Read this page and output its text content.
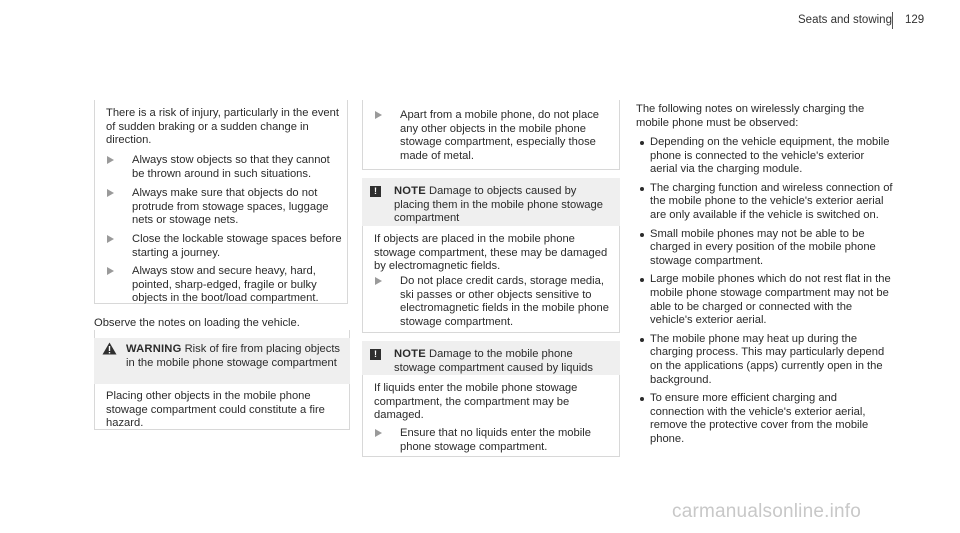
Seats and stowing 129
There is a risk of injury, particularly in the event of sudden braking or a sudden change in direction.
Always stow objects so that they cannot be thrown around in such situations.
Always make sure that objects do not protrude from stowage spaces, luggage nets or stowage nets.
Close the lockable stowage spaces before starting a journey.
Always stow and secure heavy, hard, pointed, sharp-edged, fragile or bulky objects in the boot/load compartment.
Observe the notes on loading the vehicle.
WARNING Risk of fire from placing objects in the mobile phone stowage compartment
Placing other objects in the mobile phone stowage compartment could constitute a fire hazard.
Apart from a mobile phone, do not place any other objects in the mobile phone stowage compartment, especially those made of metal.
!	NOTE Damage to objects caused by placing them in the mobile phone stowage compartment
If objects are placed in the mobile phone stowage compartment, these may be damaged by electromagnetic fields.
Do not place credit cards, storage media, ski passes or other objects sensitive to electromagnetic fields in the mobile phone stowage compartment.
!	NOTE Damage to the mobile phone stowage compartment caused by liquids
If liquids enter the mobile phone stowage compartment, the compartment may be damaged.
Ensure that no liquids enter the mobile phone stowage compartment.
The following notes on wirelessly charging the mobile phone must be observed:
Depending on the vehicle equipment, the mobile phone is connected to the vehicle's exterior aerial via the charging module.
The charging function and wireless connection of the mobile phone to the vehicle's exterior aerial are only available if the vehicle is switched on.
Small mobile phones may not be able to be charged in every position of the mobile phone stowage compartment.
Large mobile phones which do not rest flat in the mobile phone stowage compartment may not be able to be charged or connected with the vehicle's exterior aerial.
The mobile phone may heat up during the charging process. This may particularly depend on the applications (apps) currently open in the background.
To ensure more efficient charging and connection with the vehicle's exterior aerial, remove the protective cover from the mobile phone.
carmanualsonline.info
